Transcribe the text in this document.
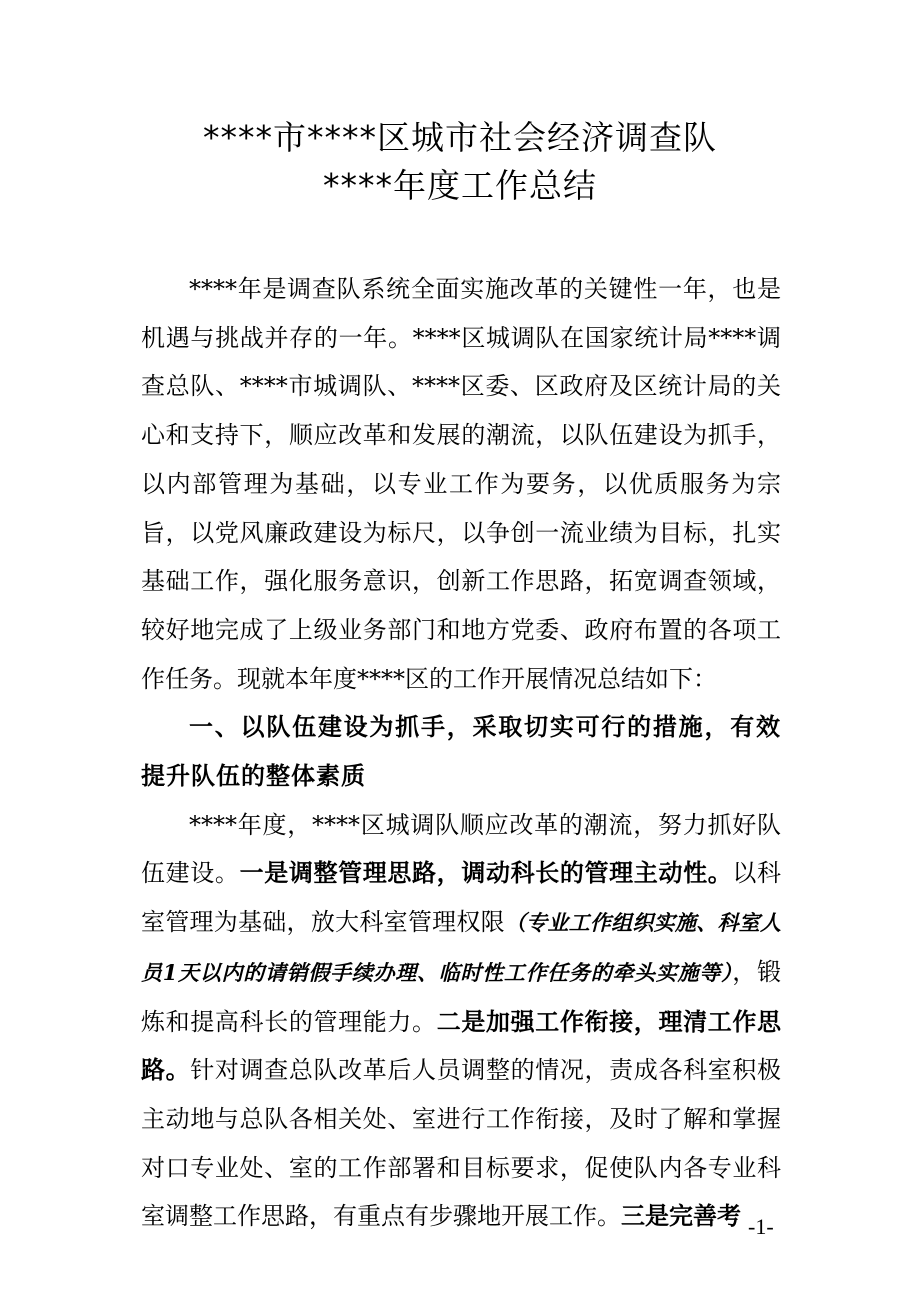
****市****区城市社会经济调查队
****年度工作总结

****年是调查队系统全面实施改革的关键性一年，也是机遇与挑战并存的一年。****区城调队在国家统计局****调查总队、****市城调队、****区委、区政府及区统计局的关心和支持下，顺应改革和发展的潮流，以队伍建设为抓手，以内部管理为基础，以专业工作为要务，以优质服务为宗旨，以党风廉政建设为标尺，以争创一流业绩为目标，扎实基础工作，强化服务意识，创新工作思路，拓宽调查领域，较好地完成了上级业务部门和地方党委、政府布置的各项工作任务。现就本年度****区的工作开展情况总结如下：

一、以队伍建设为抓手，采取切实可行的措施，有效提升队伍的整体素质

****年度，****区城调队顺应改革的潮流，努力抓好队伍建设。一是调整管理思路，调动科长的管理主动性。以科室管理为基础，放大科室管理权限（专业工作组织实施、科室人员1天以内的请销假手续办理、临时性工作任务的牵头实施等），锻炼和提高科长的管理能力。二是加强工作衔接，理清工作思路。针对调查总队改革后人员调整的情况，责成各科室积极主动地与总队各相关处、室进行工作衔接，及时了解和掌握对口专业处、室的工作部署和目标要求，促使队内各专业科室调整工作思路，有重点有步骤地开展工作。三是完善考 -1-
